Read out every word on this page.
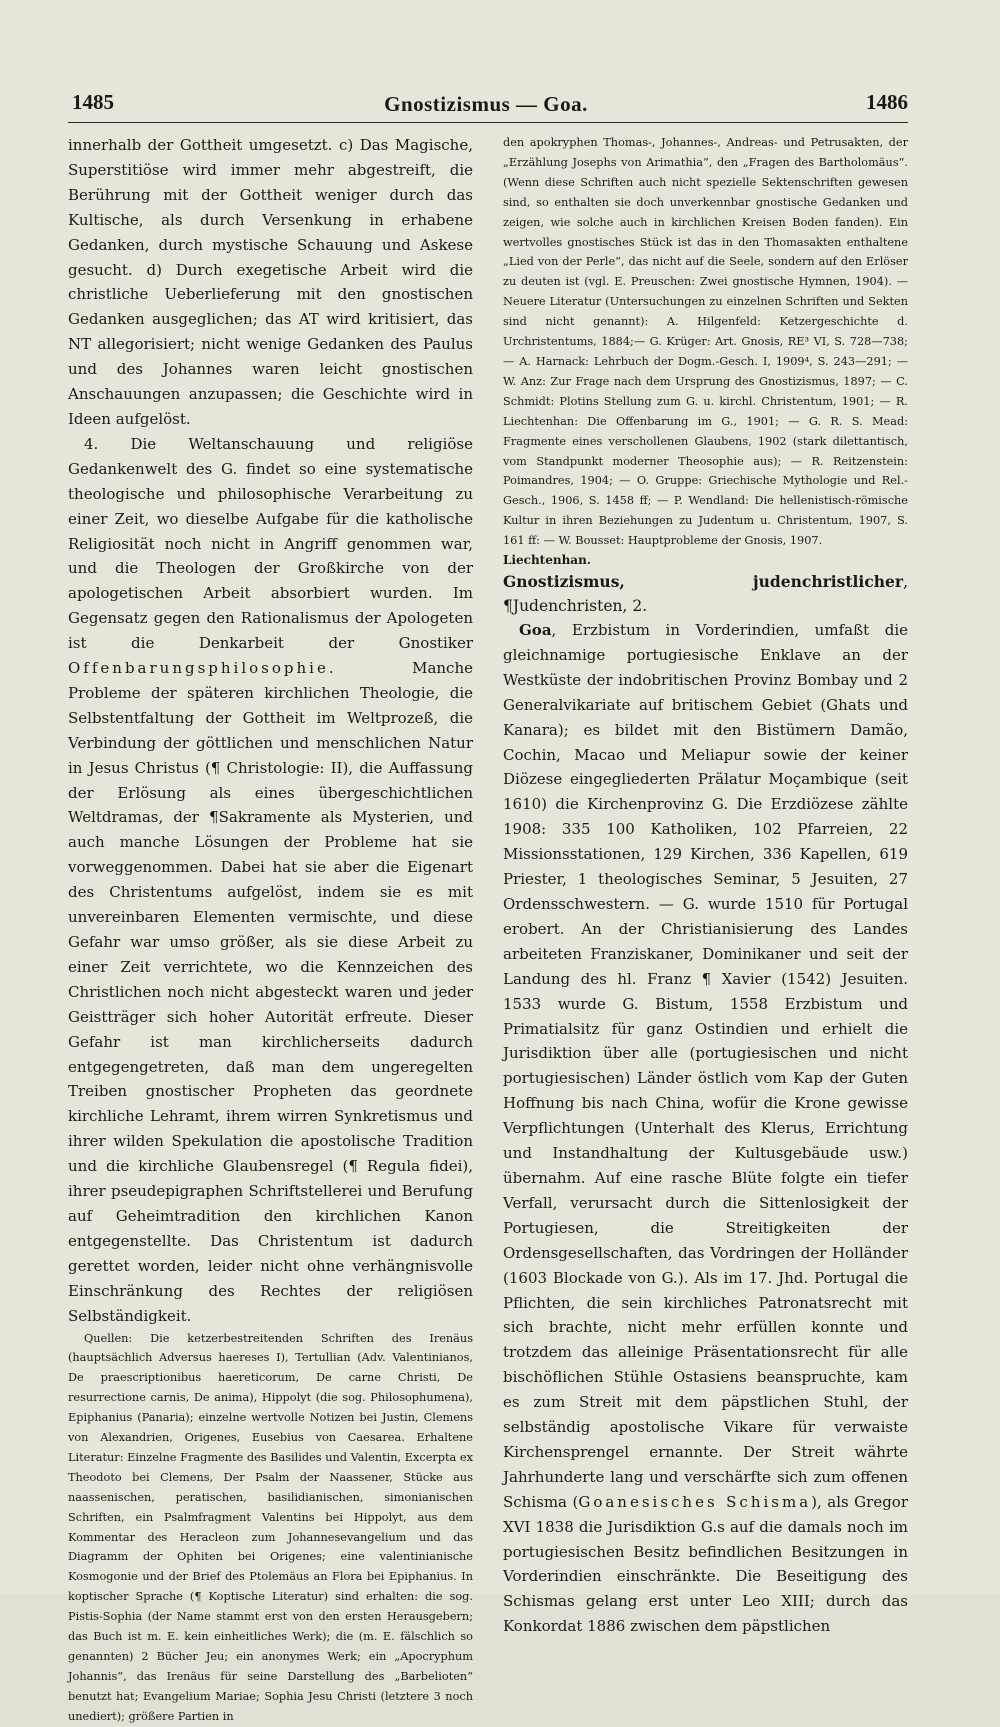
1485	Gnostizismus — Goa.	1486

innerhalb der Gottheit umgesetzt. c) Das Magische, Superstitiöse wird immer mehr abgestreift, die Berührung mit der Gottheit weniger durch das Kultische, als durch Versenkung in erhabene Gedanken, durch mystische Schauung und Askese gesucht. d) Durch exegetische Arbeit wird die christliche Ueberlieferung mit den gnostischen Gedanken ausgeglichen; das AT wird kritisiert, das NT allegorisiert; nicht wenige Gedanken des Paulus und des Johannes waren leicht gnostischen Anschauungen anzupassen; die Geschichte wird in Ideen aufgelöst.

4. Die Weltanschauung und religiöse Gedankenwelt des G. findet so eine systematische theologische und philosophische Verarbeitung zu einer Zeit, wo dieselbe Aufgabe für die katholische Religiosität noch nicht in Angriff genommen war, und die Theologen der Großkirche von der apologetischen Arbeit absorbiert wurden. Im Gegensatz gegen den Rationalismus der Apologeten ist die Denkarbeit der Gnostiker Offenbarungsphilosophie. Manche Probleme der späteren kirchlichen Theologie, die Selbstentfaltung der Gottheit im Weltprozeß, die Verbindung der göttlichen und menschlichen Natur in Jesus Christus (¶ Christologie: II), die Auffassung der Erlösung als eines übergeschichtlichen Weltdramas, der ¶Sakramente als Mysterien, und auch manche Lösungen der Probleme hat sie vorweggenommen. Dabei hat sie aber die Eigenart des Christentums aufgelöst, indem sie es mit unvereinbaren Elementen vermischte, und diese Gefahr war umso größer, als sie diese Arbeit zu einer Zeit verrichtete, wo die Kennzeichen des Christlichen noch nicht abgesteckt waren und jeder Geistträger sich hoher Autorität erfreute. Dieser Gefahr ist man kirchlicherseits dadurch entgegengetreten, daß man dem ungeregelten Treiben gnostischer Propheten das geordnete kirchliche Lehramt, ihrem wirren Synkretismus und ihrer wilden Spekulation die apostolische Tradition und die kirchliche Glaubensregel (¶ Regula fidei), ihrer pseudepigraphen Schriftstellerei und Berufung auf Geheimtradition den kirchlichen Kanon entgegenstellte. Das Christentum ist dadurch gerettet worden, leider nicht ohne verhängnisvolle Einschränkung des Rechtes der religiösen Selbständigkeit.

Quellen: Die ketzerbestreitenden Schriften des Irenäus (hauptsächlich Adversus haereses I), Tertullian (Adv. Valentinianos, De praescriptionibus haereticorum, De carne Christi, De resurrectione carnis, De anima), Hippolyt (die sog. Philosophumena), Epiphanius (Panaria); einzelne wertvolle Notizen bei Justin, Clemens von Alexandrien, Origenes, Eusebius von Caesarea. Erhaltene Literatur: Einzelne Fragmente des Basilides und Valentin, Excerpta ex Theodoto bei Clemens, Der Psalm der Naassener, Stücke aus naassenischen, peratischen, basilidianischen, simonianischen Schriften, ein Psalmfragment Valentins bei Hippolyt, aus dem Kommentar des Heracleon zum Johannesevangelium und das Diagramm der Ophiten bei Origenes; eine valentinianische Kosmogonie und der Brief des Ptolemäus an Flora bei Epiphanius. In koptischer Sprache (¶ Koptische Literatur) sind erhalten: die sog. Pistis-Sophia (der Name stammt erst von den ersten Herausgebern; das Buch ist m. E. kein einheitliches Werk); die (m. E. fälschlich so genannten) 2 Bücher Jeu; ein anonymes Werk; ein „Apocryphum Johannis“, das Irenäus für seine Darstellung des „Barbelioten“ benutzt hat; Evangelium Mariae; Sophia Jesu Christi (letztere 3 noch unediert); größere Partien in

den apokryphen Thomas-, Johannes-, Andreas- und Petrusakten, der „Erzählung Josephs von Arimathia“, den „Fragen des Bartholomäus“. (Wenn diese Schriften auch nicht spezielle Sektenschriften gewesen sind, so enthalten sie doch unverkennbar gnostische Gedanken und zeigen, wie solche auch in kirchlichen Kreisen Boden fanden). Ein wertvolles gnostisches Stück ist das in den Thomasakten enthaltene „Lied von der Perle“, das nicht auf die Seele, sondern auf den Erlöser zu deuten ist (vgl. E. Preuschen: Zwei gnostische Hymnen, 1904). — Neuere Literatur (Untersuchungen zu einzelnen Schriften und Sekten sind nicht genannt): A. Hilgenfeld: Ketzergeschichte d. Urchristentums, 1884;— G. Krüger: Art. Gnosis, RE³ VI, S. 728—738; — A. Harnack: Lehrbuch der Dogm.-Gesch. I, 1909⁴, S. 243—291; — W. Anz: Zur Frage nach dem Ursprung des Gnostizismus, 1897; — C. Schmidt: Plotins Stellung zum G. u. kirchl. Christentum, 1901; — R. Liechtenhan: Die Offenbarung im G., 1901; — G. R. S. Mead: Fragmente eines verschollenen Glaubens, 1902 (stark dilettantisch, vom Standpunkt moderner Theosophie aus); — R. Reitzenstein: Poimandres, 1904; — O. Gruppe: Griechische Mythologie und Rel.-Gesch., 1906, S. 1458 ff; — P. Wendland: Die hellenistisch-römische Kultur in ihren Beziehungen zu Judentum u. Christentum, 1907, S. 161 ff: — W. Bousset: Hauptprobleme der Gnosis, 1907.

Liechtenhan.

Gnostizismus, judenchristlicher, ¶Judenchristen, 2.

Goa, Erzbistum in Vorderindien, umfaßt die gleichnamige portugiesische Enklave an der Westküste der indobritischen Provinz Bombay und 2 Generalvikariate auf britischem Gebiet (Ghats und Kanara); es bildet mit den Bistümern Damão, Cochin, Macao und Meliapur sowie der keiner Diözese eingegliederten Prälatur Moçambique (seit 1610) die Kirchenprovinz G. Die Erzdiözese zählte 1908: 335 100 Katholiken, 102 Pfarreien, 22 Missionsstationen, 129 Kirchen, 336 Kapellen, 619 Priester, 1 theologisches Seminar, 5 Jesuiten, 27 Ordensschwestern. — G. wurde 1510 für Portugal erobert. An der Christianisierung des Landes arbeiteten Franziskaner, Dominikaner und seit der Landung des hl. Franz ¶ Xavier (1542) Jesuiten. 1533 wurde G. Bistum, 1558 Erzbistum und Primatialsitz für ganz Ostindien und erhielt die Jurisdiktion über alle (portugiesischen und nicht portugiesischen) Länder östlich vom Kap der Guten Hoffnung bis nach China, wofür die Krone gewisse Verpflichtungen (Unterhalt des Klerus, Errichtung und Instandhaltung der Kultusgebäude usw.) übernahm. Auf eine rasche Blüte folgte ein tiefer Verfall, verursacht durch die Sittenlosigkeit der Portugiesen, die Streitigkeiten der Ordensgesellschaften, das Vordringen der Holländer (1603 Blockade von G.). Als im 17. Jhd. Portugal die Pflichten, die sein kirchliches Patronatsrecht mit sich brachte, nicht mehr erfüllen konnte und trotzdem das alleinige Präsentationsrecht für alle bischöflichen Stühle Ostasiens beanspruchte, kam es zum Streit mit dem päpstlichen Stuhl, der selbständig apostolische Vikare für verwaiste Kirchensprengel ernannte. Der Streit währte Jahrhunderte lang und verschärfte sich zum offenen Schisma (Goanesisches Schisma), als Gregor XVI 1838 die Jurisdiktion G.s auf die damals noch im portugiesischen Besitz befindlichen Besitzungen in Vorderindien einschränkte. Die Beseitigung des Schismas gelang erst unter Leo XIII; durch das Konkordat 1886 zwischen dem päpstlichen
